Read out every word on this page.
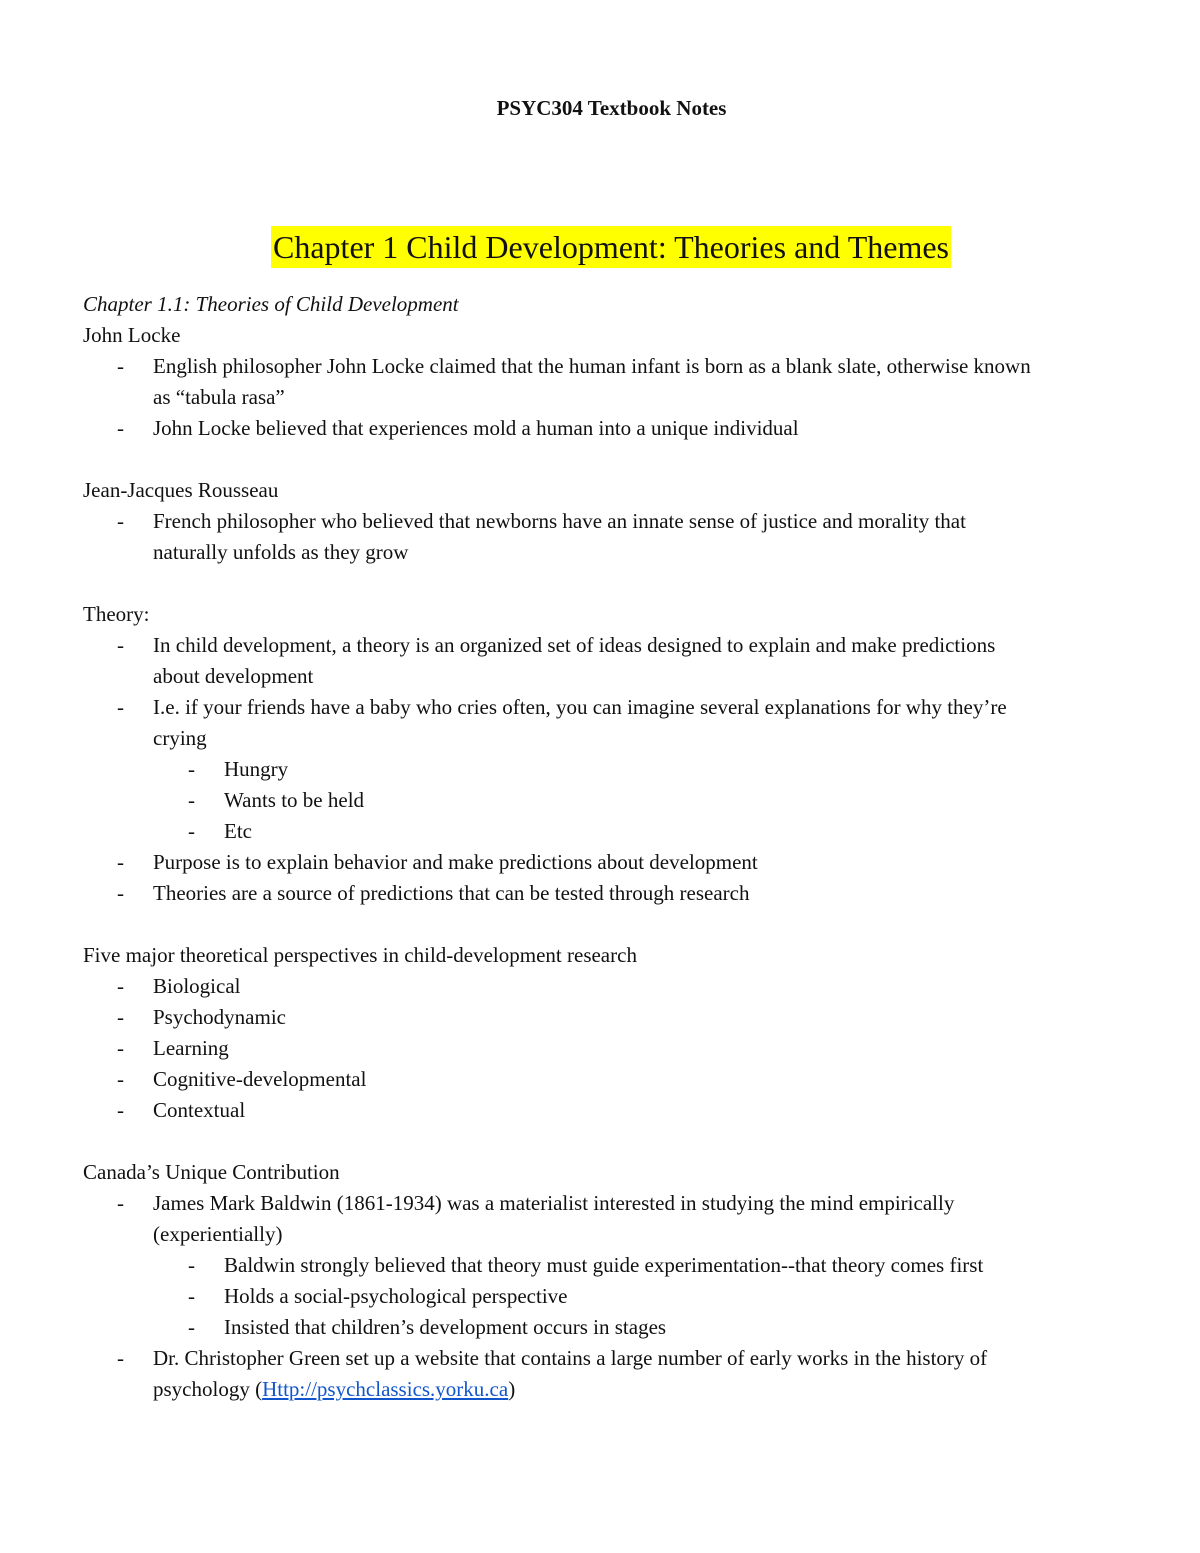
PSYC304 Textbook Notes
Chapter 1 Child Development: Theories and Themes

Chapter 1.1: Theories of Child Development

John Locke

- English philosopher John Locke claimed that the human infant is born as a blank slate, otherwise known

as “tabula rasa”

- John Locke believed that experiences mold a human into a unique individual

Jean-Jacques Rousseau

- French philosopher who believed that newborns have an innate sense of justice and morality that

naturally unfolds as they grow

Theory:

- In child development, a theory is an organized set of ideas designed to explain and make predictions

about development

- I.e. if your friends have a baby who cries often, you can imagine several explanations for why they’re

crying

- Hungry

- Wants to be held

- Etc

- Purpose is to explain behavior and make predictions about development

- Theories are a source of predictions that can be tested through research

Five major theoretical perspectives in child-development research

- Biological

- Psychodynamic

- Learning

- Cognitive-developmental

- Contextual

Canada’s Unique Contribution

- James Mark Baldwin (1861-1934) was a materialist interested in studying the mind empirically

(experientially)

- Baldwin strongly believed that theory must guide experimentation--that theory comes first

- Holds a social-psychological perspective

- Insisted that children’s development occurs in stages

- Dr. Christopher Green set up a website that contains a large number of early works in the history of

psychology (Http://psychclassics.yorku.ca)
